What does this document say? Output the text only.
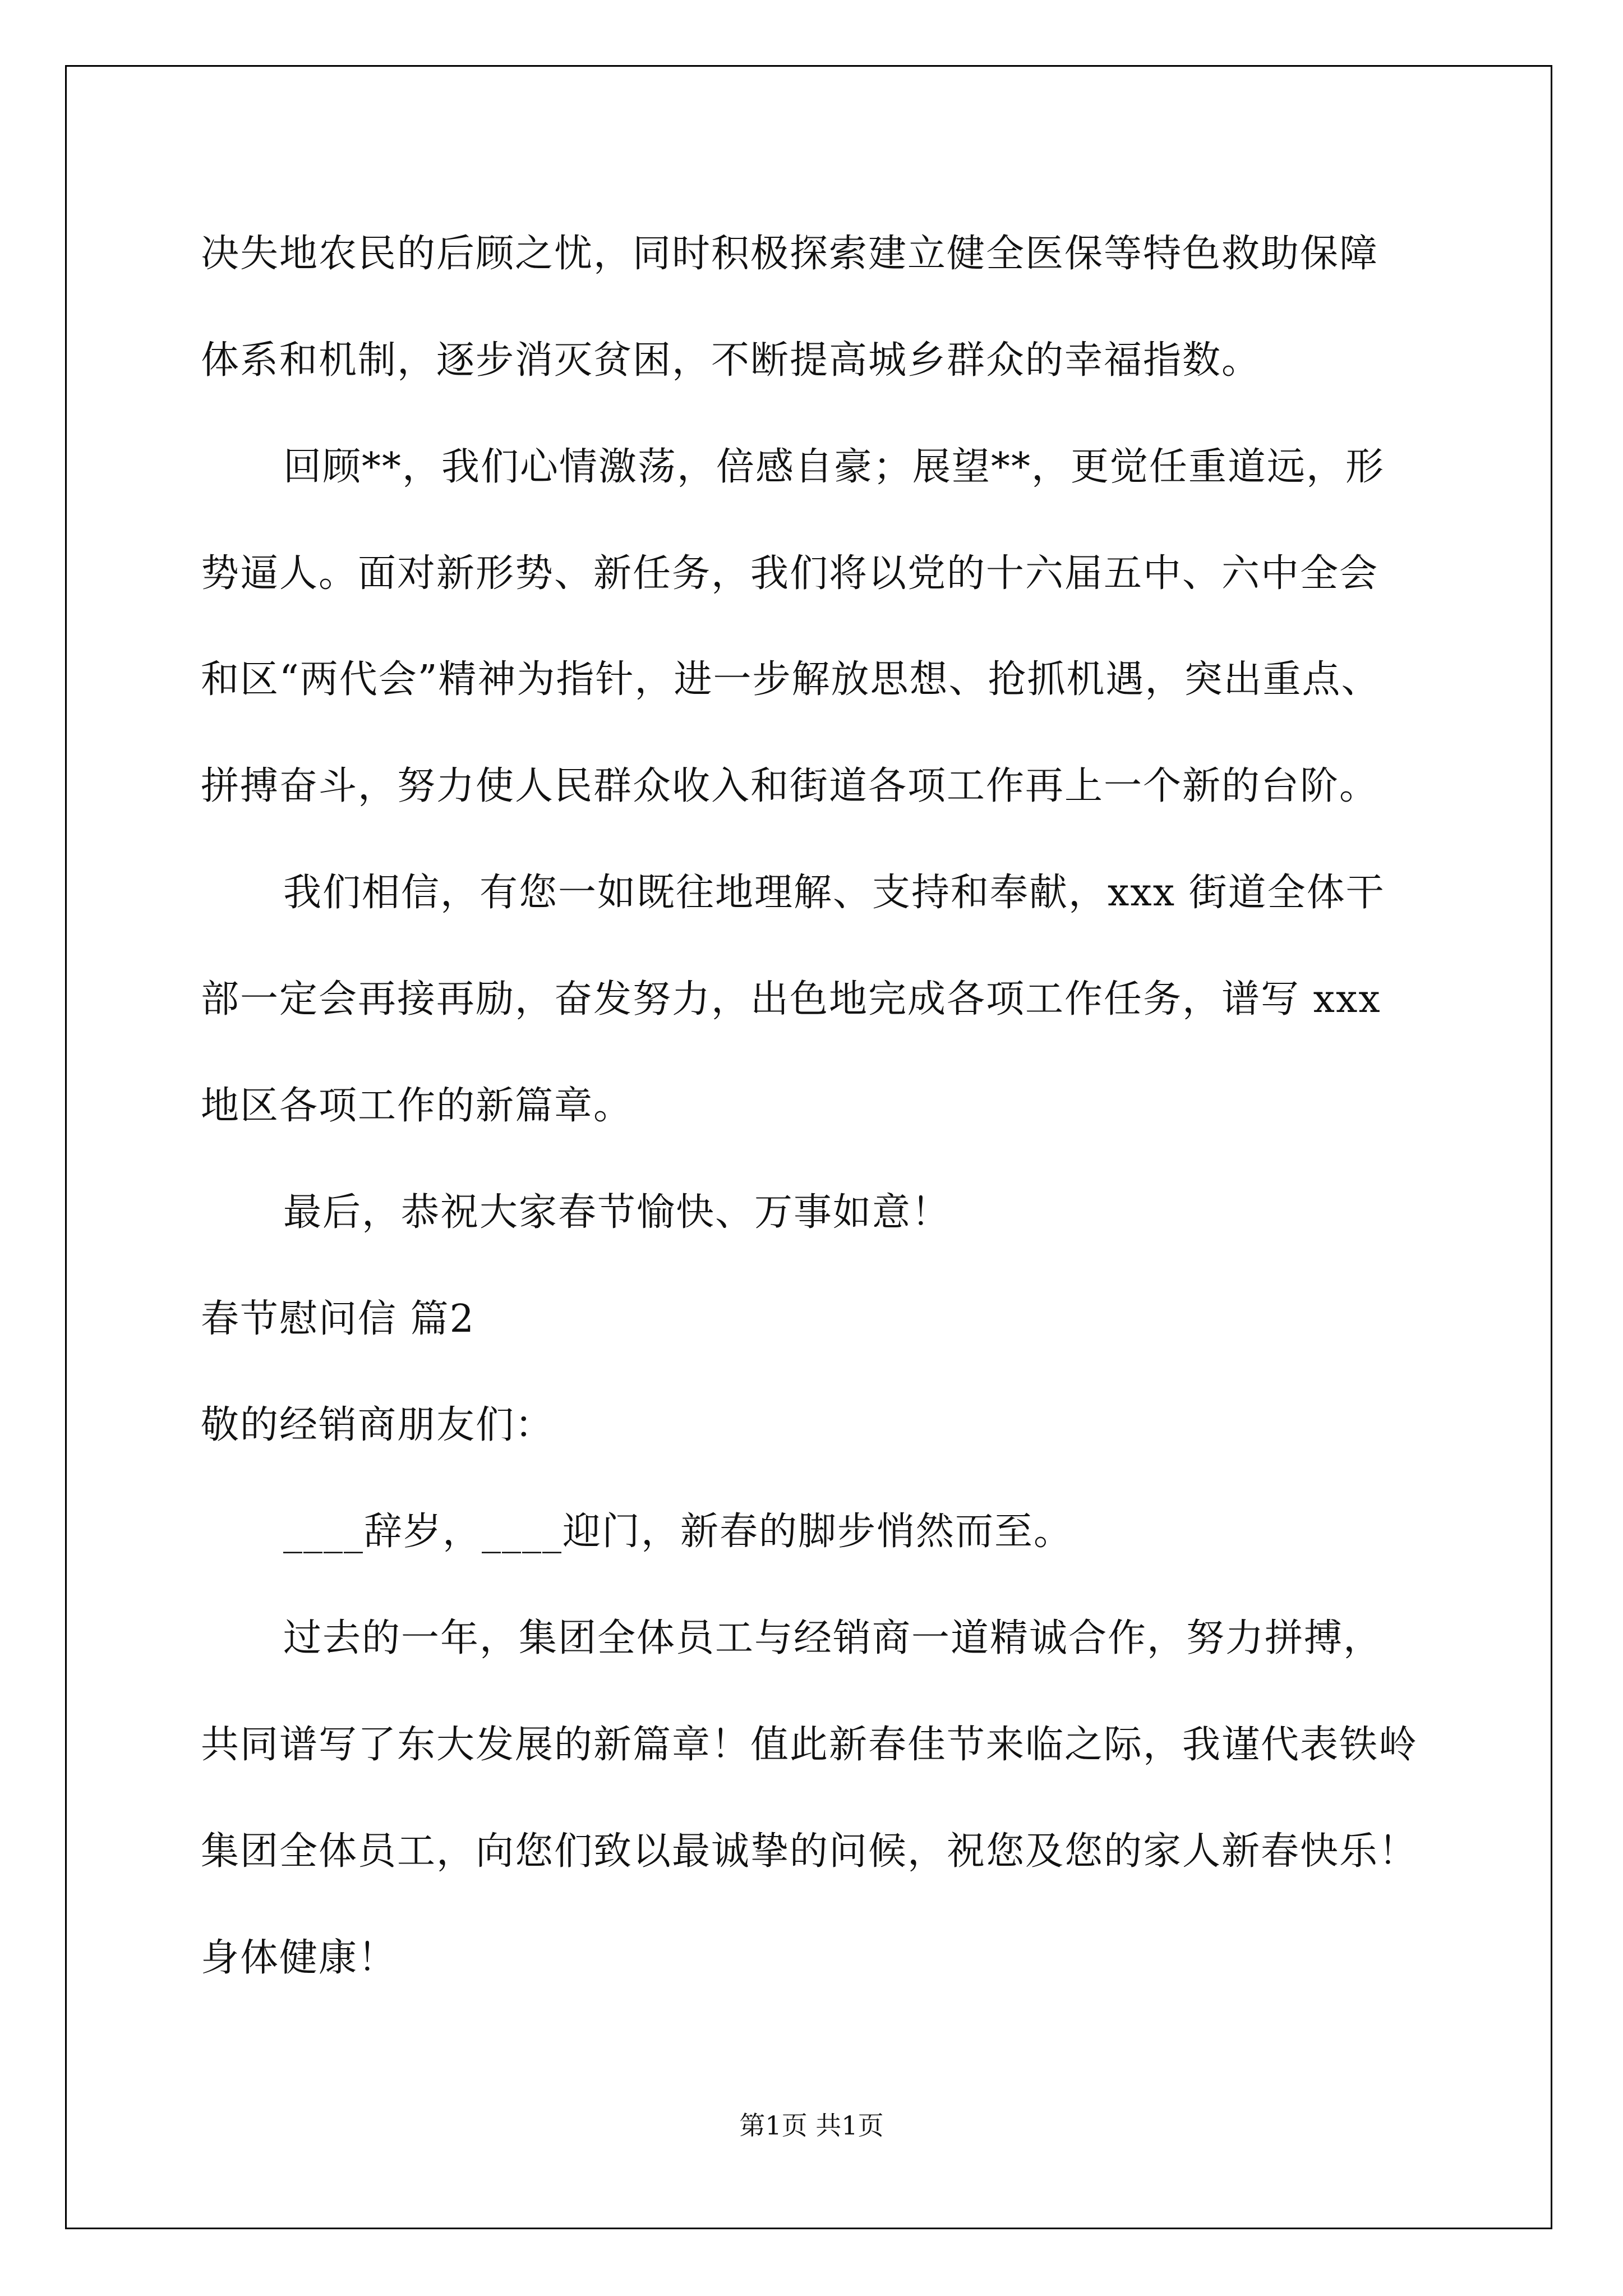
决失地农民的后顾之忧，同时积极探索建立健全医保等特色救助保障
体系和机制，逐步消灭贫困，不断提高城乡群众的幸福指数。
回顾**，我们心情激荡，倍感自豪；展望**，更觉任重道远，形
势逼人。面对新形势、新任务，我们将以党的十六届五中、六中全会
和区“两代会”精神为指针，进一步解放思想、抢抓机遇，突出重点、
拼搏奋斗，努力使人民群众收入和街道各项工作再上一个新的台阶。
我们相信，有您一如既往地理解、支持和奉献，xxx 街道全体干
部一定会再接再励，奋发努力，出色地完成各项工作任务，谱写 xxx
地区各项工作的新篇章。
最后，恭祝大家春节愉快、万事如意！
春节慰问信 篇2
敬的经销商朋友们：
____辞岁，____迎门，新春的脚步悄然而至。
过去的一年，集团全体员工与经销商一道精诚合作，努力拼搏，
共同谱写了东大发展的新篇章！值此新春佳节来临之际，我谨代表铁岭
集团全体员工，向您们致以最诚挚的问候，祝您及您的家人新春快乐！
身体健康！
第1页 共1页
